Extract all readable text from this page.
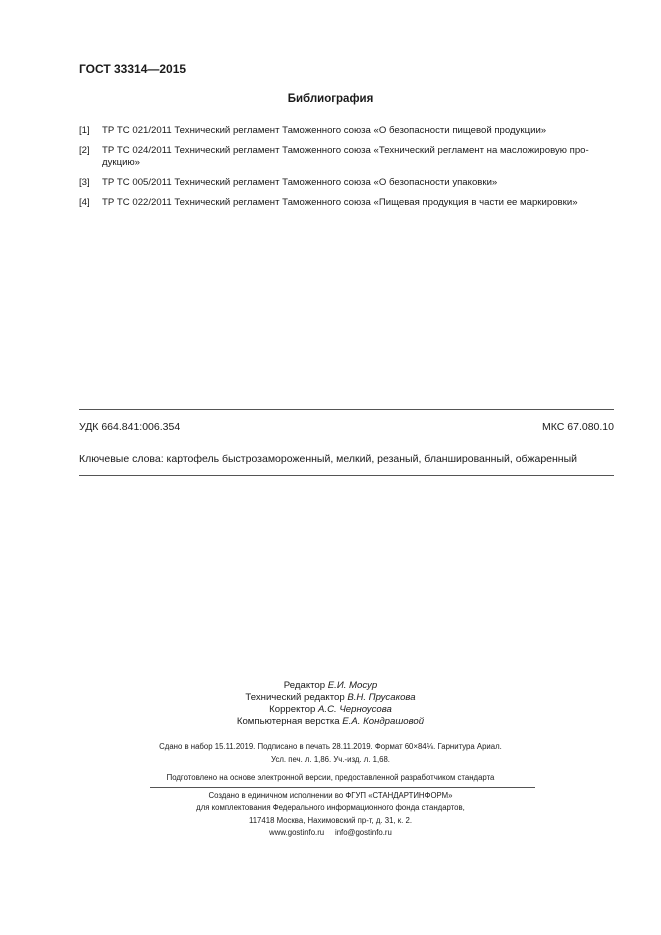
ГОСТ 33314—2015
Библиография
[1] ТР ТС 021/2011 Технический регламент Таможенного союза «О безопасности пищевой продукции»
[2] ТР ТС 024/2011 Технический регламент Таможенного союза «Технический регламент на масложировую про-
дукцию»
[3] ТР ТС 005/2011 Технический регламент Таможенного союза «О безопасности упаковки»
[4] ТР ТС 022/2011 Технический регламент Таможенного союза «Пищевая продукция в части ее маркировки»
УДК 664.841:006.354	МКС 67.080.10
Ключевые слова: картофель быстрозамороженный, мелкий, резаный, бланшированный, обжаренный
Редактор Е.И. Мосур
Технический редактор В.Н. Прусакова
Корректор А.С. Черноусова
Компьютерная верстка Е.А. Кондрашовой
Сдано в набор 15.11.2019. Подписано в печать 28.11.2019. Формат 60×84⅛. Гарнитура Ариал.
Усл. печ. л. 1,86. Уч.-изд. л. 1,68.
Подготовлено на основе электронной версии, предоставленной разработчиком стандарта
Создано в единичном исполнении во ФГУП «СТАНДАРТИНФОРМ»
для комплектования Федерального информационного фонда стандартов,
117418 Москва, Нахимовский пр-т, д. 31, к. 2.
www.gostinfo.ru     info@gostinfo.ru
